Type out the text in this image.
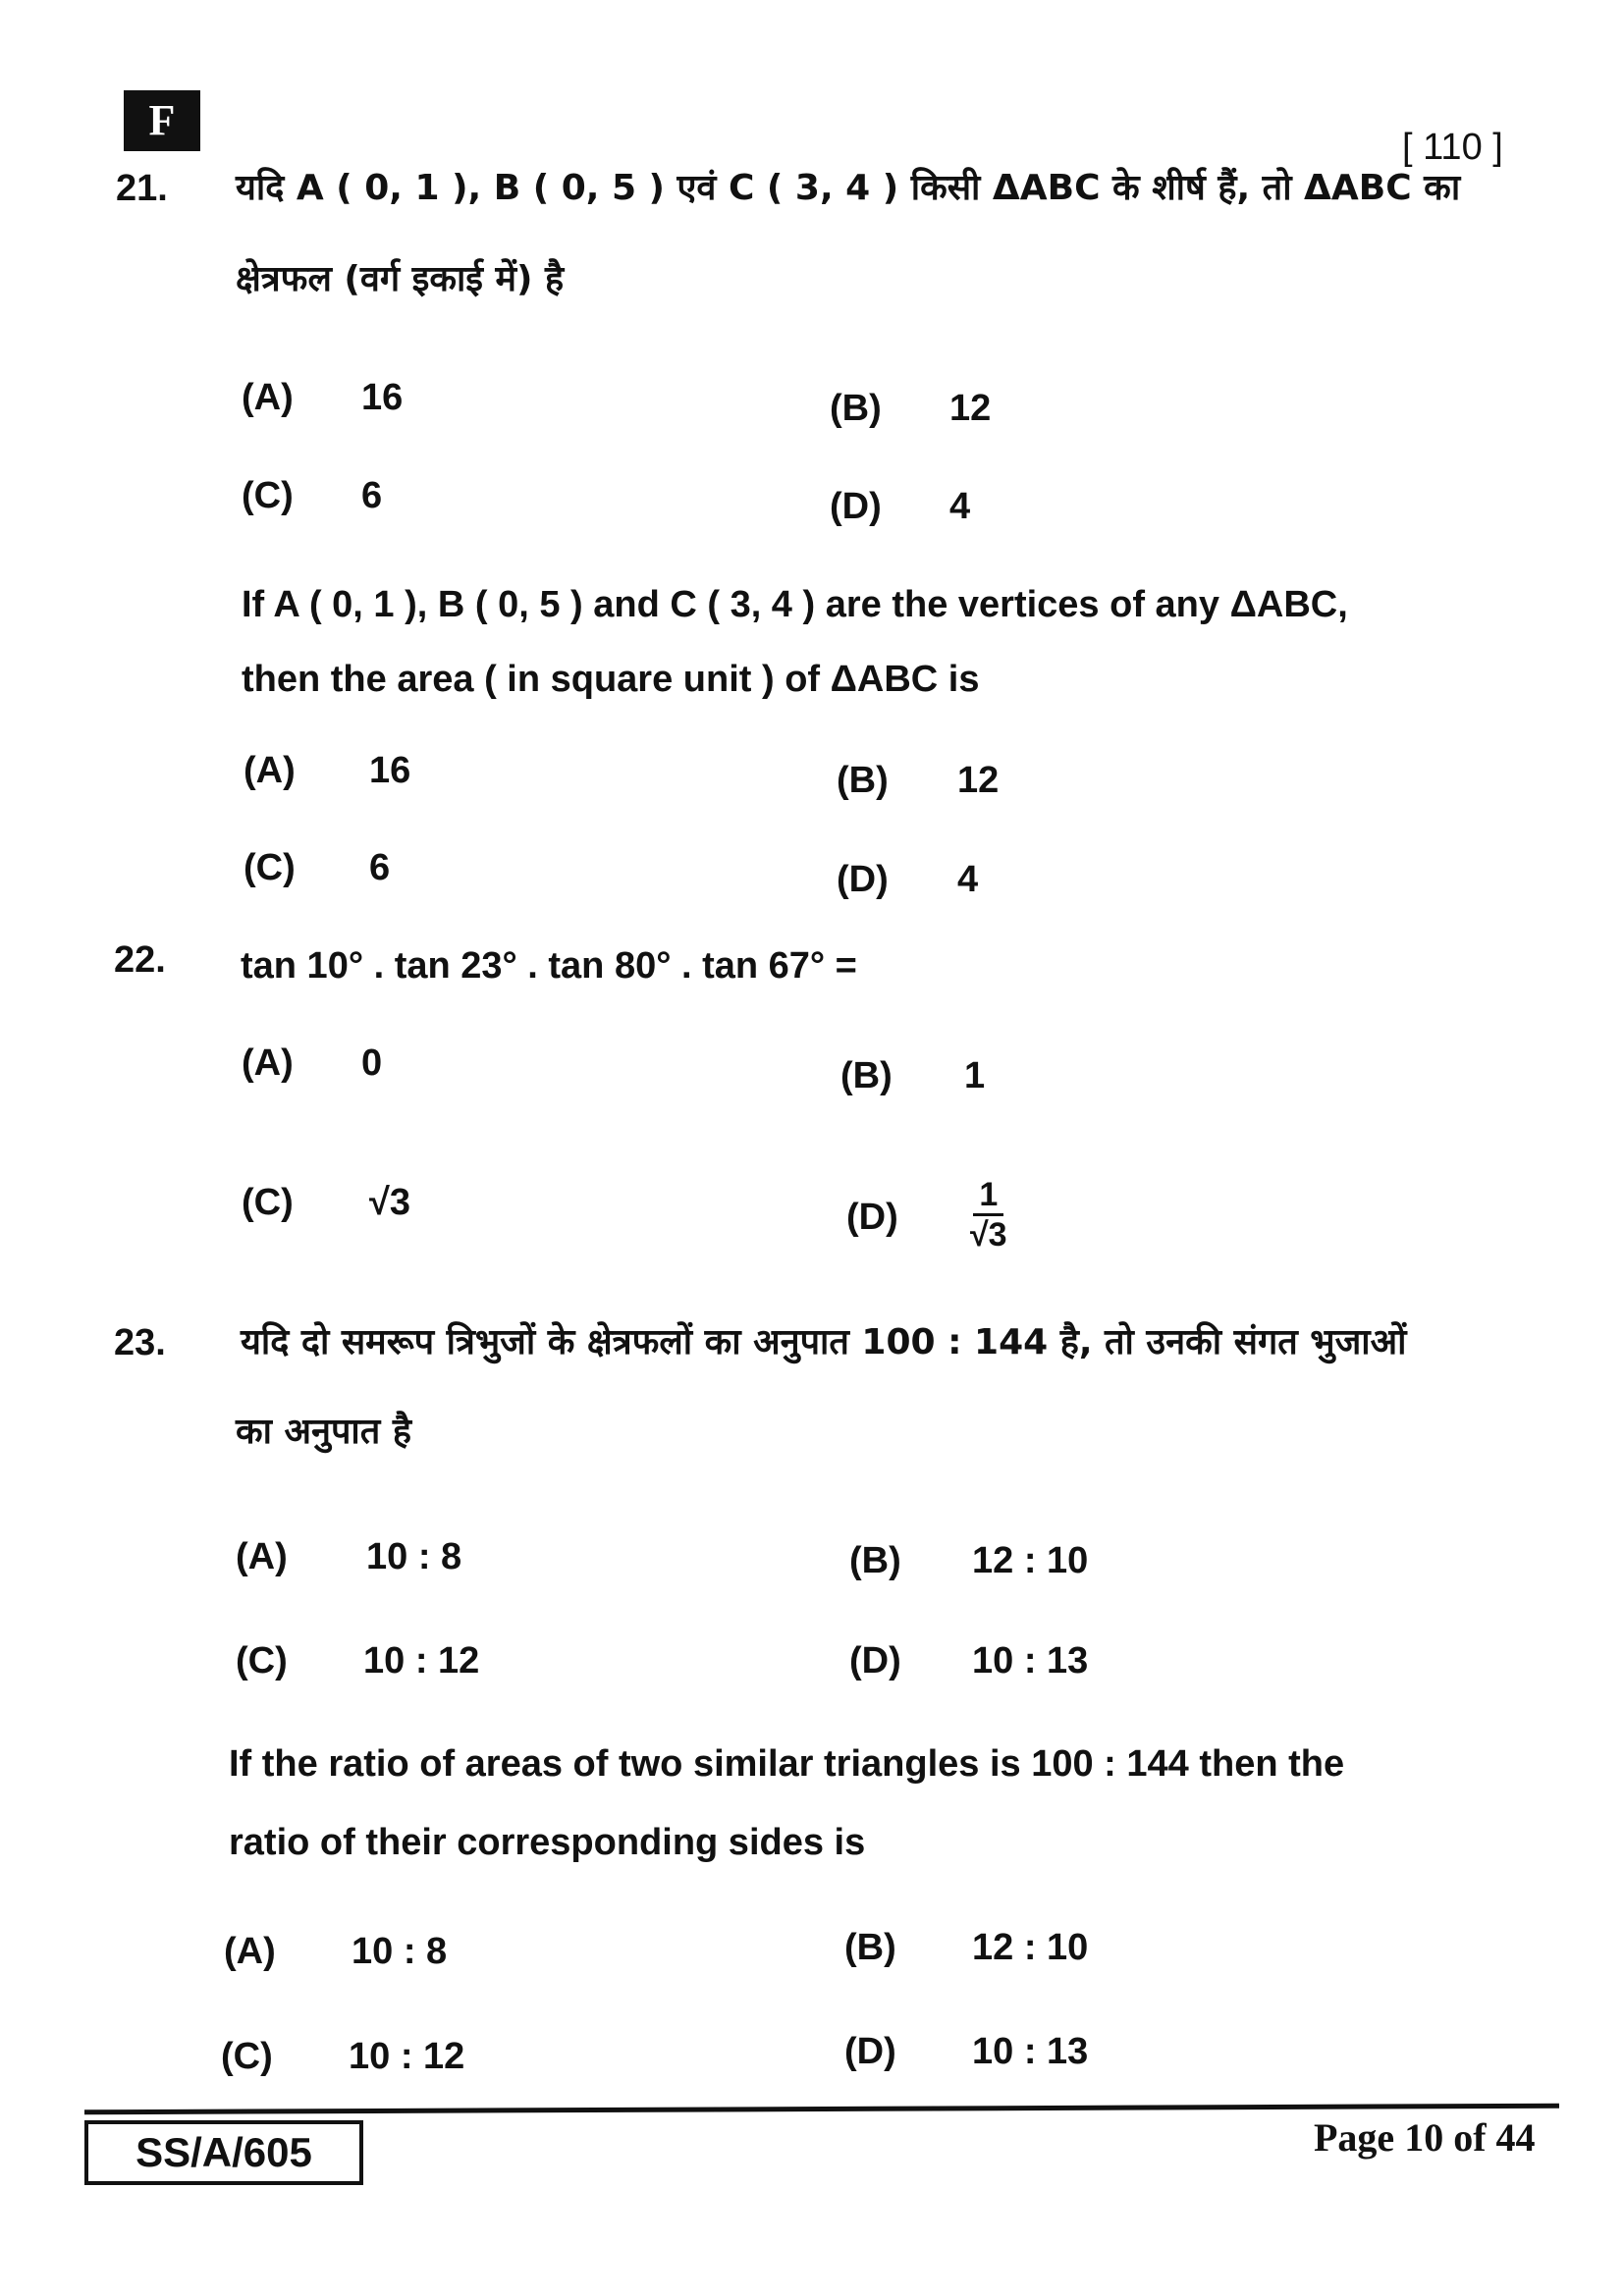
F
[ 110 ]
21. यदि A ( 0, 1 ), B ( 0, 5 ) एवं C ( 3, 4 ) किसी ΔABC के शीर्ष हैं, तो ΔABC का
क्षेत्रफल (वर्ग इकाई में) है
(A) 16	(B) 12
(C) 6	(D) 4
If A ( 0, 1 ), B ( 0, 5 ) and C ( 3, 4 ) are the vertices of any ΔABC,
then the area ( in square unit ) of ΔABC is
(A) 16	(B) 12
(C) 6	(D) 4
22. tan 10° . tan 23° . tan 80° . tan 67° =
(A) 0	(B) 1
(C) √3	$(D) \frac{1}{√3}$
23. यदि दो समरूप त्रिभुजों के क्षेत्रफलों का अनुपात 100 : 144 है, तो उनकी संगत भुजाओं
का अनुपात है
(A) 10 : 8	(B) 12 : 10
(C) 10 : 12	(D) 10 : 13
If the ratio of areas of two similar triangles is 100 : 144 then the
ratio of their corresponding sides is
(A) 10 : 8	(B) 12 : 10
(C) 10 : 12	(D) 10 : 13
SS/A/605	Page 10 of 44
